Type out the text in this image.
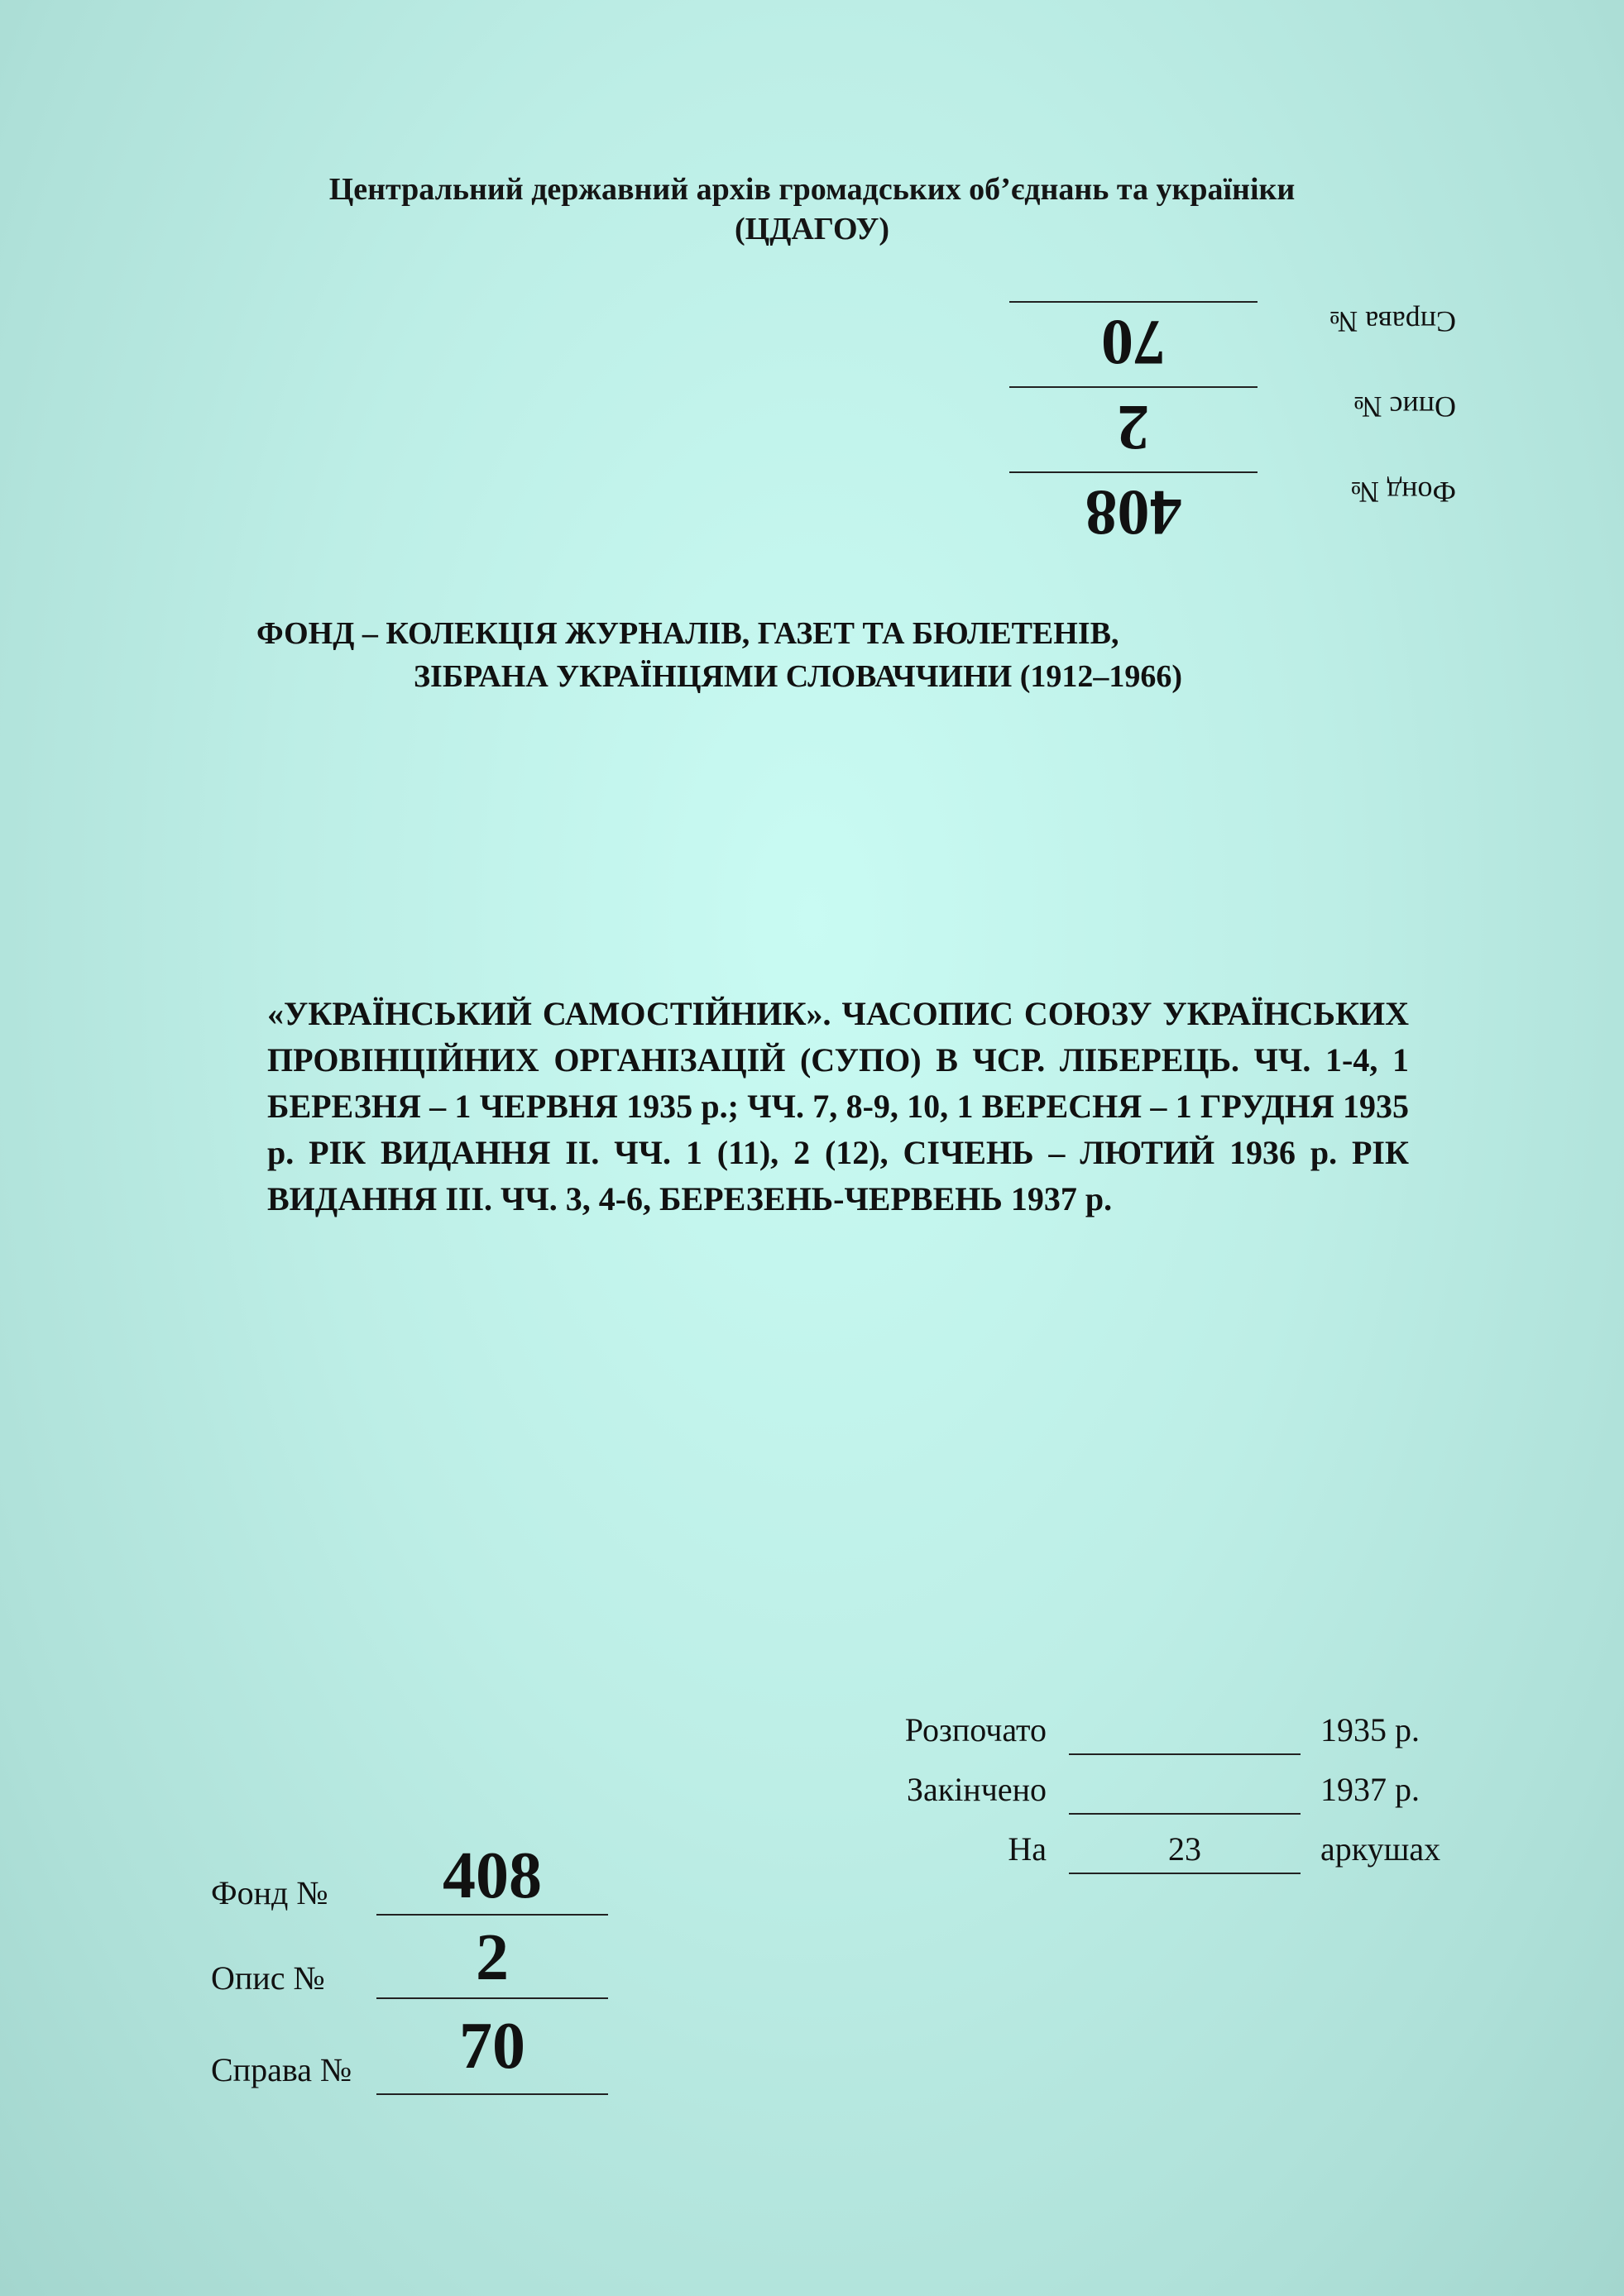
Центральний державний архів громадських об’єднань та україніки
(ЦДАГОУ)
Фонд №
408
Опис №
2
Справа №
70
ФОНД – КОЛЕКЦІЯ ЖУРНАЛІВ, ГАЗЕТ ТА БЮЛЕТЕНІВ,
ЗІБРАНА УКРАЇНЦЯМИ СЛОВАЧЧИНИ (1912–1966)
«УКРАЇНСЬКИЙ САМОСТІЙНИК». ЧАСОПИС СОЮЗУ УКРАЇНСЬКИХ ПРОВІНЦІЙНИХ ОРГАНІЗАЦІЙ (СУПО) В ЧСР. ЛІБЕРЕЦЬ. ЧЧ. 1-4, 1 БЕРЕЗНЯ – 1 ЧЕРВНЯ 1935 р.; ЧЧ. 7, 8-9, 10, 1 ВЕРЕСНЯ – 1 ГРУДНЯ 1935 р. РІК ВИДАННЯ ІІ. ЧЧ. 1 (11), 2 (12), СІЧЕНЬ – ЛЮТИЙ 1936 р. РІК ВИДАННЯ ІІІ. ЧЧ. 3, 4-6, БЕРЕЗЕНЬ-ЧЕРВЕНЬ 1937 р.
Розпочато	1935 р.
Закінчено	1937 р.
На	23	аркушах
Фонд №	408
Опис №	2
Справа №	70
